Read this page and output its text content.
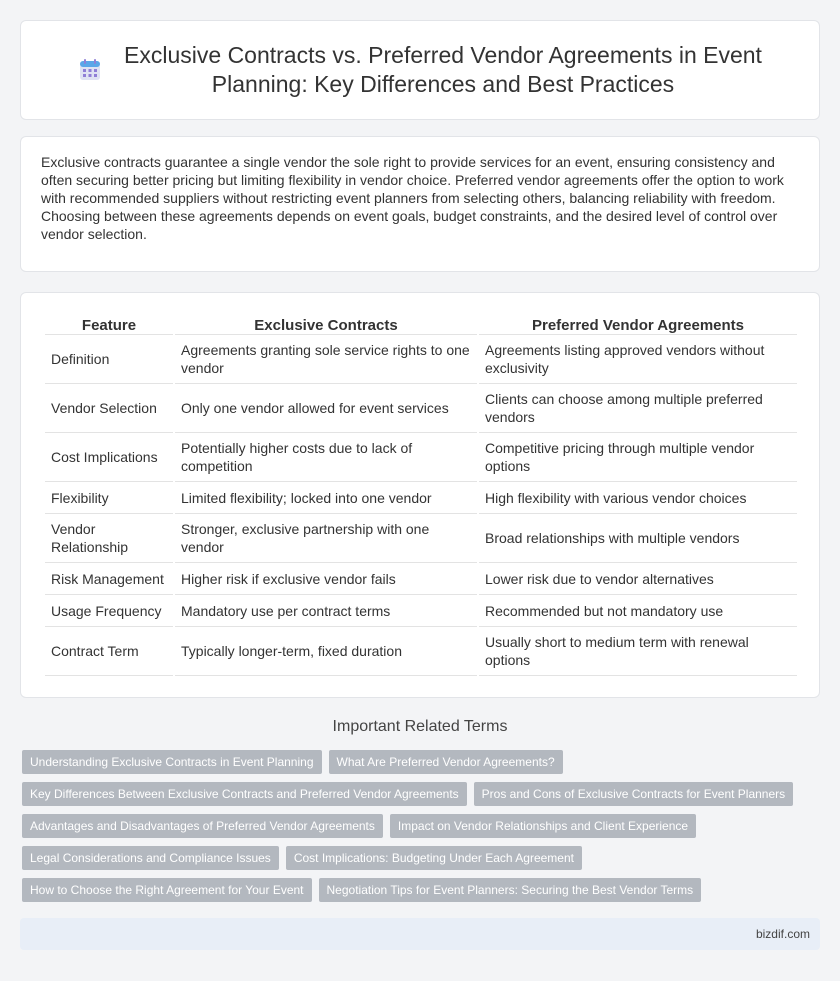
Exclusive Contracts vs. Preferred Vendor Agreements in Event
Planning: Key Differences and Best Practices

Exclusive contracts guarantee a single vendor the sole right to provide services for an event, ensuring consistency and often securing better pricing but limiting flexibility in vendor choice. Preferred vendor agreements offer the option to work with recommended suppliers without restricting event planners from selecting others, balancing reliability with freedom. Choosing between these agreements depends on event goals, budget constraints, and the desired level of control over vendor selection.

Feature	Exclusive Contracts	Preferred Vendor Agreements
Definition	Agreements granting sole service rights to one vendor	Agreements listing approved vendors without exclusivity
Vendor Selection	Only one vendor allowed for event services	Clients can choose among multiple preferred vendors
Cost Implications	Potentially higher costs due to lack of competition	Competitive pricing through multiple vendor options
Flexibility	Limited flexibility; locked into one vendor	High flexibility with various vendor choices
Vendor Relationship	Stronger, exclusive partnership with one vendor	Broad relationships with multiple vendors
Risk Management	Higher risk if exclusive vendor fails	Lower risk due to vendor alternatives
Usage Frequency	Mandatory use per contract terms	Recommended but not mandatory use
Contract Term	Typically longer-term, fixed duration	Usually short to medium term with renewal options
Important Related Terms
Understanding Exclusive Contracts in Event Planning	What Are Preferred Vendor Agreements?
Key Differences Between Exclusive Contracts and Preferred Vendor Agreements	Pros and Cons of Exclusive Contracts for Event Planners
Advantages and Disadvantages of Preferred Vendor Agreements	Impact on Vendor Relationships and Client Experience
Legal Considerations and Compliance Issues	Cost Implications: Budgeting Under Each Agreement
How to Choose the Right Agreement for Your Event	Negotiation Tips for Event Planners: Securing the Best Vendor Terms
bizdif.com
